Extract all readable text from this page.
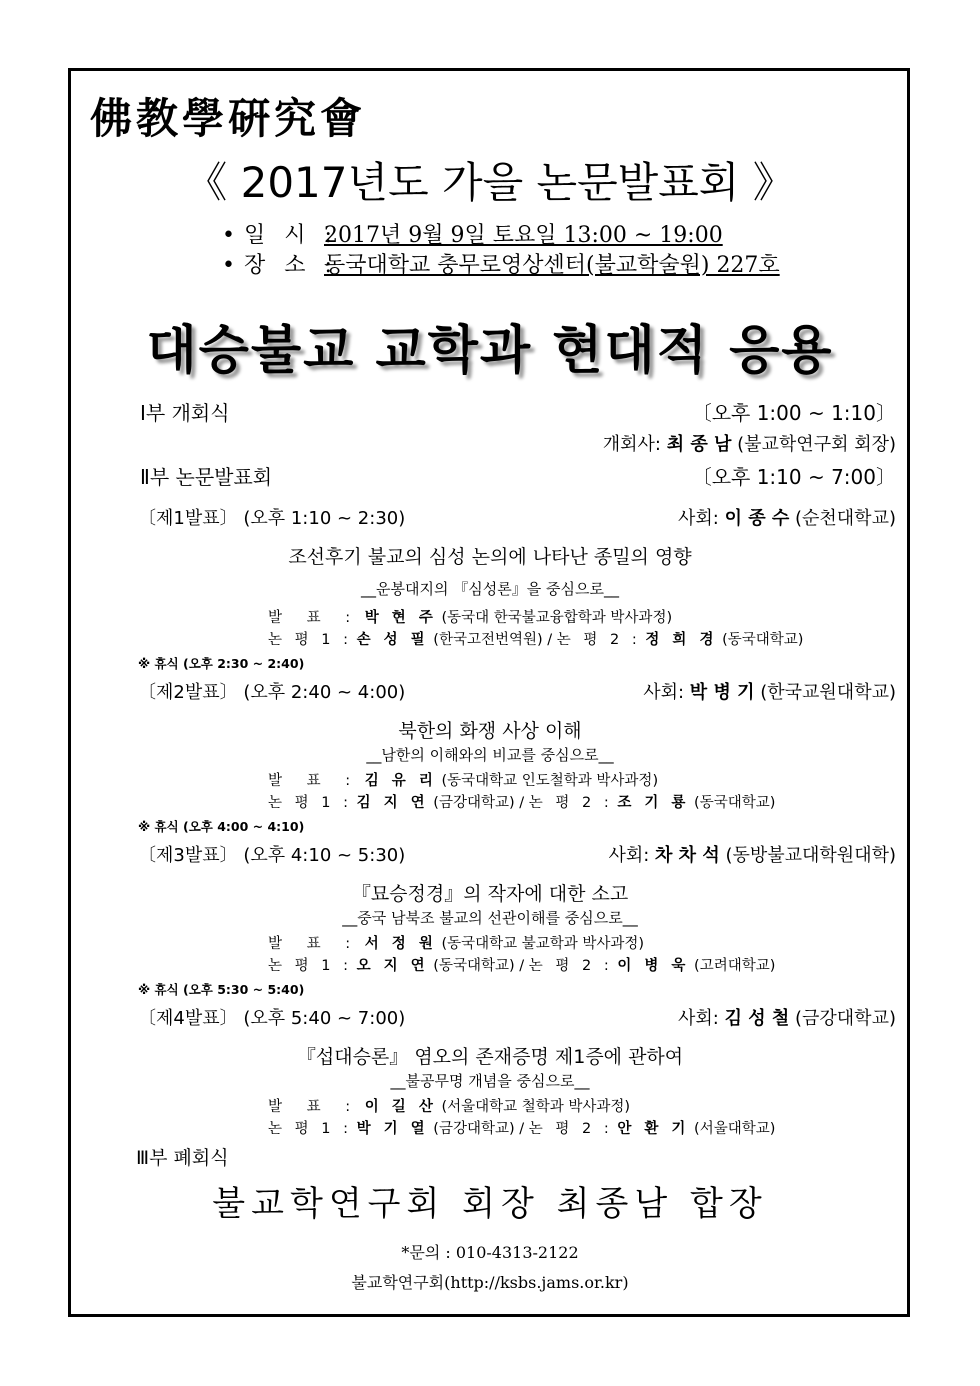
佛教學硏究會
《 2017년도 가을 논문발표회 》
• 일 시 :2017년 9월 9일 토요일 13:00 ~ 19:00
• 장 소 :동국대학교 충무로영상센터(불교학술원) 227호
대승불교 교학과 현대적 응용
Ⅰ부 개회식	〔오후 1:00 ~ 1:10〕
개회사: 최 종 남 (불교학연구회 회장)
Ⅱ부 논문발표회	〔오후 1:10 ~ 7:00〕
〔제1발표〕 (오후 1:10 ~ 2:30)	사회: 이 종 수 (순천대학교)
조선후기 불교의 심성 논의에 나타난 종밀의 영향
__운봉대지의 『심성론』을 중심으로__
발 표 : 박 현 주 (동국대 한국불교융합학과 박사과정)
논 평 1 : 손 성 필 (한국고전번역원) / 논 평 2 : 정 희 경 (동국대학교)
※ 휴식 (오후 2:30 ~ 2:40)
〔제2발표〕 (오후 2:40 ~ 4:00)	사회: 박 병 기 (한국교원대학교)
북한의 화쟁 사상 이해
__남한의 이해와의 비교를 중심으로__
발 표 : 김 유 리 (동국대학교 인도철학과 박사과정)
논 평 1 : 김 지 연 (금강대학교) / 논 평 2 : 조 기 룡 (동국대학교)
※ 휴식 (오후 4:00 ~ 4:10)
〔제3발표〕 (오후 4:10 ~ 5:30)	사회: 차 차 석 (동방불교대학원대학)
『묘승정경』의 작자에 대한 소고
__중국 남북조 불교의 선관이해를 중심으로__
발 표 : 서 정 원 (동국대학교 불교학과 박사과정)
논 평 1 : 오 지 연 (동국대학교) / 논 평 2 : 이 병 욱 (고려대학교)
※ 휴식 (오후 5:30 ~ 5:40)
〔제4발표〕 (오후 5:40 ~ 7:00)	사회: 김 성 철 (금강대학교)
『섭대승론』 염오의 존재증명 제1증에 관하여
__불공무명 개념을 중심으로__
발 표 : 이 길 산 (서울대학교 철학과 박사과정)
논 평 1 : 박 기 열 (금강대학교) / 논 평 2 : 안 환 기 (서울대학교)
Ⅲ부 폐회식
불교학연구회 회장 최종남 합장
*문의 : 010-4313-2122
불교학연구회(http://ksbs.jams.or.kr)
